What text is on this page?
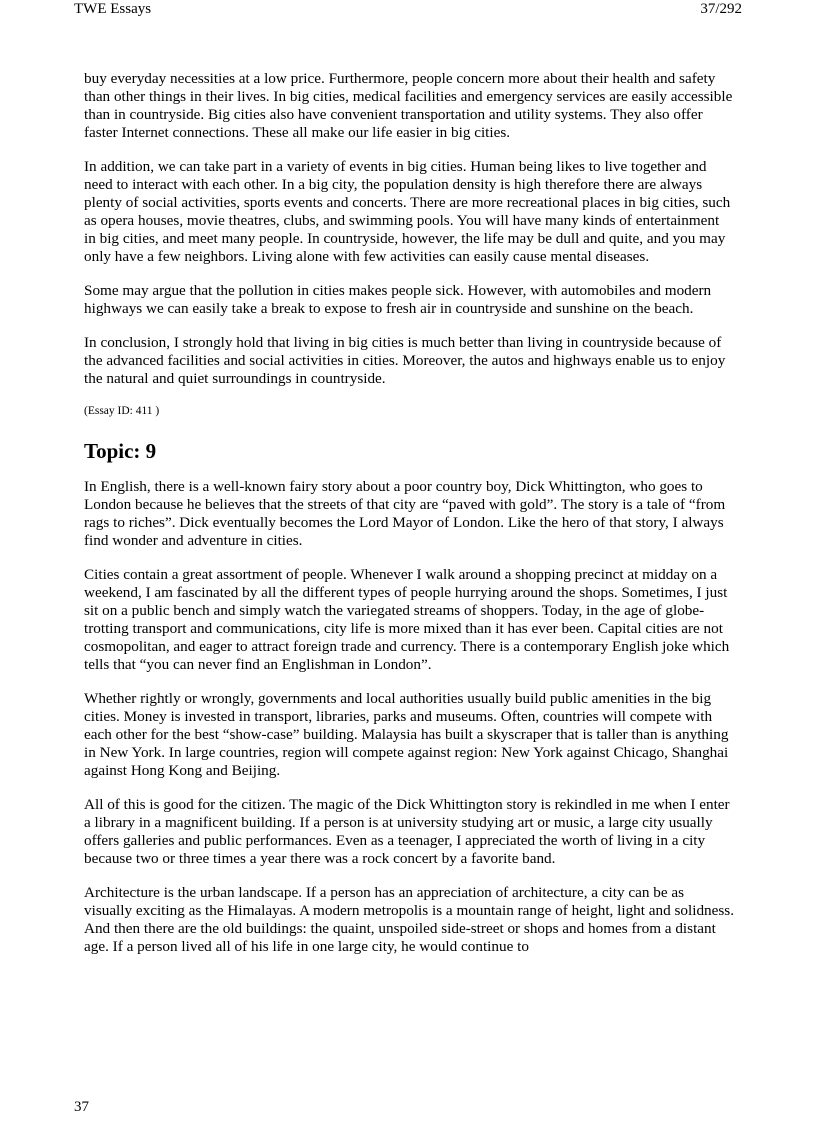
TWE Essays	37/292

buy everyday necessities at a low price. Furthermore, people concern more about their health and safety than other things in their lives. In big cities, medical facilities and emergency services are easily accessible than in countryside. Big cities also have convenient transportation and utility systems. They also offer faster Internet connections. These all make our life easier in big cities.

In addition, we can take part in a variety of events in big cities. Human being likes to live together and need to interact with each other. In a big city, the population density is high therefore there are always plenty of social activities, sports events and concerts. There are more recreational places in big cities, such as opera houses, movie theatres, clubs, and swimming pools. You will have many kinds of entertainment in big cities, and meet many people. In countryside, however, the life may be dull and quite, and you may only have a few neighbors. Living alone with few activities can easily cause mental diseases.

Some may argue that the pollution in cities makes people sick. However, with automobiles and modern highways we can easily take a break to expose to fresh air in countryside and sunshine on the beach.

In conclusion, I strongly hold that living in big cities is much better than living in countryside because of the advanced facilities and social activities in cities. Moreover, the autos and highways enable us to enjoy the natural and quiet surroundings in countryside.

(Essay ID: 411 )

Topic: 9

In English, there is a well-known fairy story about a poor country boy, Dick Whittington, who goes to London because he believes that the streets of that city are “paved with gold”. The story is a tale of “from rags to riches”. Dick eventually becomes the Lord Mayor of London. Like the hero of that story, I always find wonder and adventure in cities.

Cities contain a great assortment of people. Whenever I walk around a shopping precinct at midday on a weekend, I am fascinated by all the different types of people hurrying around the shops. Sometimes, I just sit on a public bench and simply watch the variegated streams of shoppers. Today, in the age of globe-trotting transport and communications, city life is more mixed than it has ever been. Capital cities are not cosmopolitan, and eager to attract foreign trade and currency. There is a contemporary English joke which tells that “you can never find an Englishman in London”.

Whether rightly or wrongly, governments and local authorities usually build public amenities in the big cities. Money is invested in transport, libraries, parks and museums. Often, countries will compete with each other for the best “show-case” building. Malaysia has built a skyscraper that is taller than is anything in New York. In large countries, region will compete against region: New York against Chicago, Shanghai against Hong Kong and Beijing.

All of this is good for the citizen. The magic of the Dick Whittington story is rekindled in me when I enter a library in a magnificent building. If a person is at university studying art or music, a large city usually offers galleries and public performances. Even as a teenager, I appreciated the worth of living in a city because two or three times a year there was a rock concert by a favorite band.

Architecture is the urban landscape. If a person has an appreciation of architecture, a city can be as visually exciting as the Himalayas. A modern metropolis is a mountain range of height, light and solidness. And then there are the old buildings: the quaint, unspoiled side-street or shops and homes from a distant age. If a person lived all of his life in one large city, he would continue to

37
